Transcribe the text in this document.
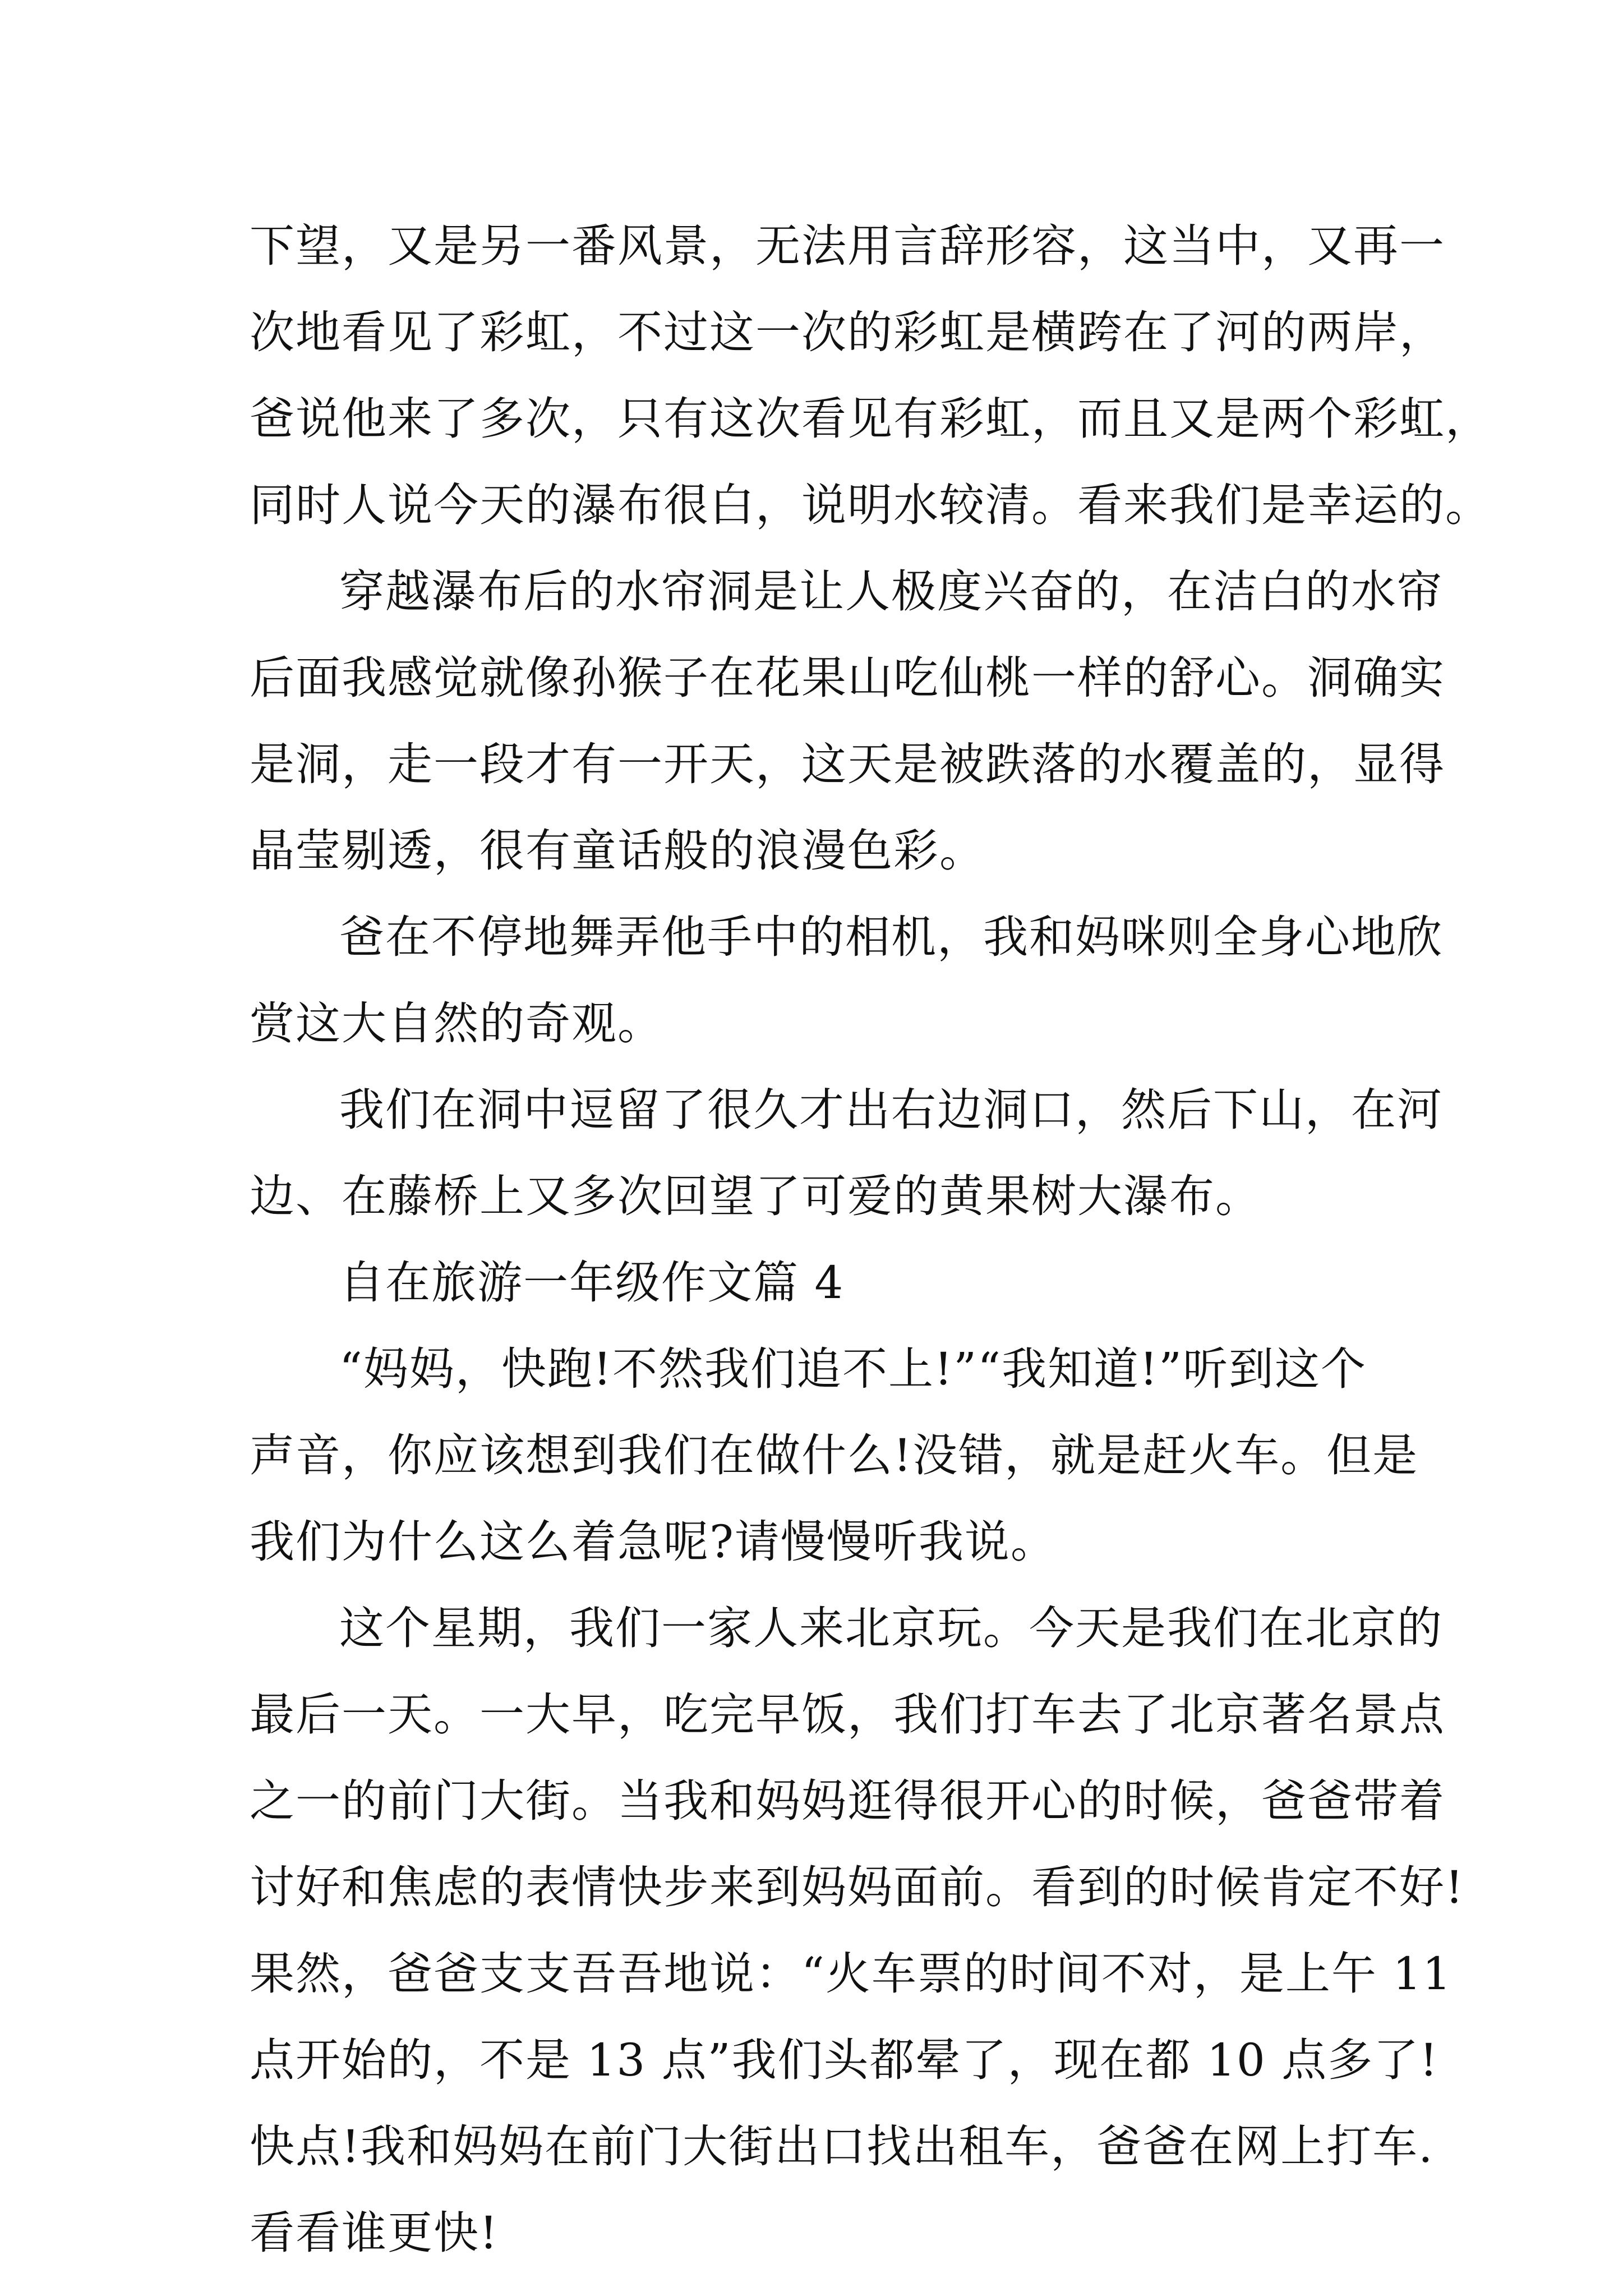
下望，又是另一番风景，无法用言辞形容，这当中，又再一
次地看见了彩虹，不过这一次的彩虹是横跨在了河的两岸，
爸说他来了多次，只有这次看见有彩虹，而且又是两个彩虹，
同时人说今天的瀑布很白，说明水较清。看来我们是幸运的。
穿越瀑布后的水帘洞是让人极度兴奋的，在洁白的水帘
后面我感觉就像孙猴子在花果山吃仙桃一样的舒心。洞确实
是洞，走一段才有一开天，这天是被跌落的水覆盖的，显得
晶莹剔透，很有童话般的浪漫色彩。
爸在不停地舞弄他手中的相机，我和妈咪则全身心地欣
赏这大自然的奇观。
我们在洞中逗留了很久才出右边洞口，然后下山，在河
边、在藤桥上又多次回望了可爱的黄果树大瀑布。
自在旅游一年级作文篇 4
“妈妈，快跑!不然我们追不上!”“我知道!”听到这个
声音，你应该想到我们在做什么!没错，就是赶火车。但是
我们为什么这么着急呢?请慢慢听我说。
这个星期，我们一家人来北京玩。今天是我们在北京的
最后一天。一大早，吃完早饭，我们打车去了北京著名景点
之一的前门大街。当我和妈妈逛得很开心的时候，爸爸带着
讨好和焦虑的表情快步来到妈妈面前。看到的时候肯定不好!
果然，爸爸支支吾吾地说：“火车票的时间不对，是上午 11
点开始的，不是 13 点”我们头都晕了，现在都 10 点多了!
快点!我和妈妈在前门大街出口找出租车，爸爸在网上打车.
看看谁更快!
